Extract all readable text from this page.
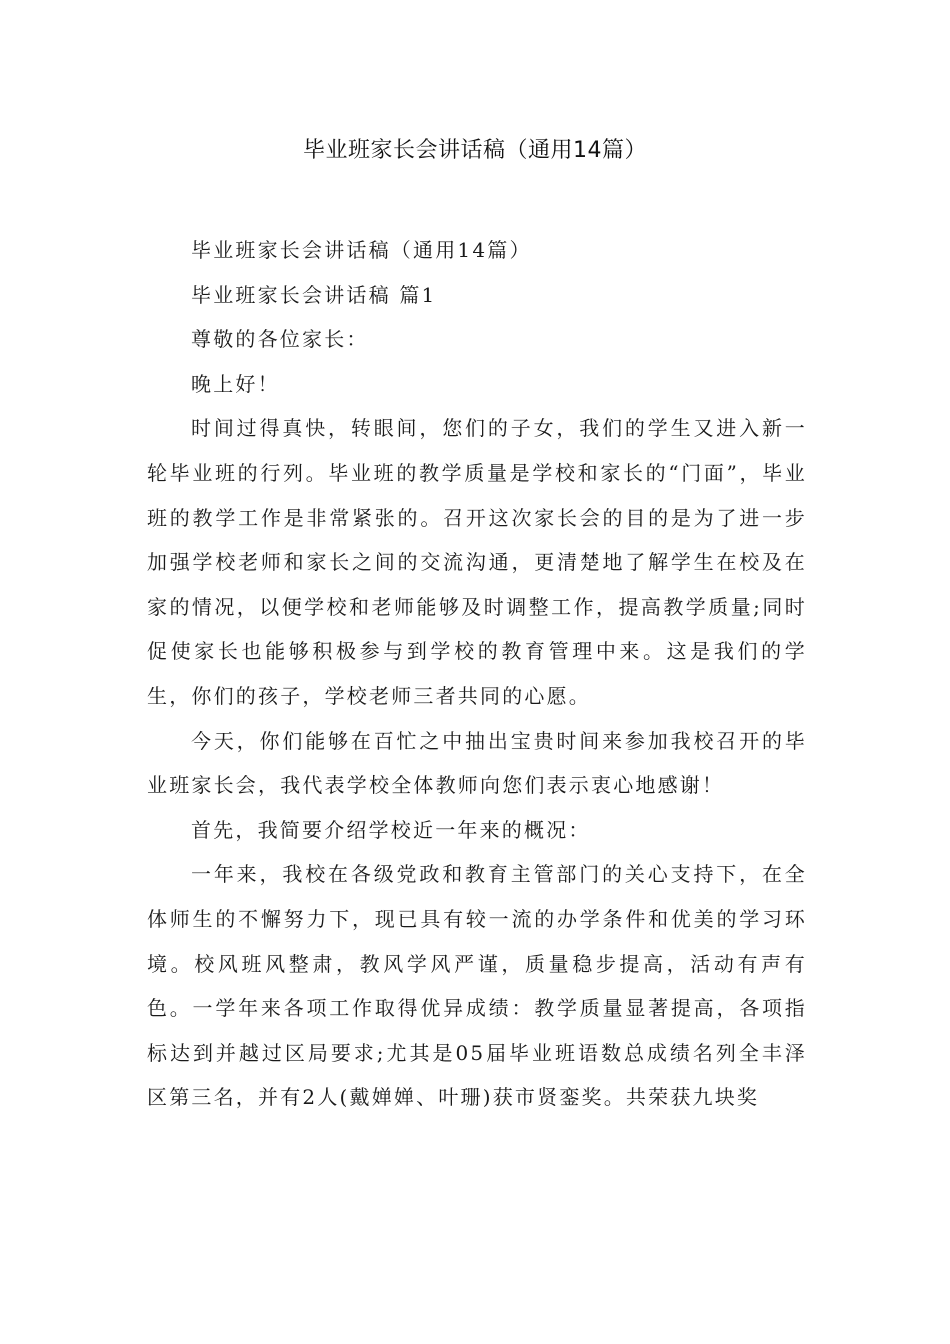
毕业班家长会讲话稿（通用14篇）

毕业班家长会讲话稿（通用14篇）

毕业班家长会讲话稿 篇1

尊敬的各位家长：

晚上好！

时间过得真快，转眼间，您们的子女，我们的学生又进入新一轮毕业班的行列。毕业班的教学质量是学校和家长的“门面”，毕业班的教学工作是非常紧张的。召开这次家长会的目的是为了进一步加强学校老师和家长之间的交流沟通，更清楚地了解学生在校及在家的情况，以便学校和老师能够及时调整工作，提高教学质量;同时促使家长也能够积极参与到学校的教育管理中来。这是我们的学生，你们的孩子，学校老师三者共同的心愿。

今天，你们能够在百忙之中抽出宝贵时间来参加我校召开的毕业班家长会，我代表学校全体教师向您们表示衷心地感谢！

首先，我简要介绍学校近一年来的概况：

一年来，我校在各级党政和教育主管部门的关心支持下，在全体师生的不懈努力下，现已具有较一流的办学条件和优美的学习环境。校风班风整肃，教风学风严谨，质量稳步提高，活动有声有色。一学年来各项工作取得优异成绩：教学质量显著提高，各项指标达到并越过区局要求;尤其是05届毕业班语数总成绩名列全丰泽区第三名，并有2人(戴婵婵、叶珊)获市贤銮奖。共荣获九块奖
